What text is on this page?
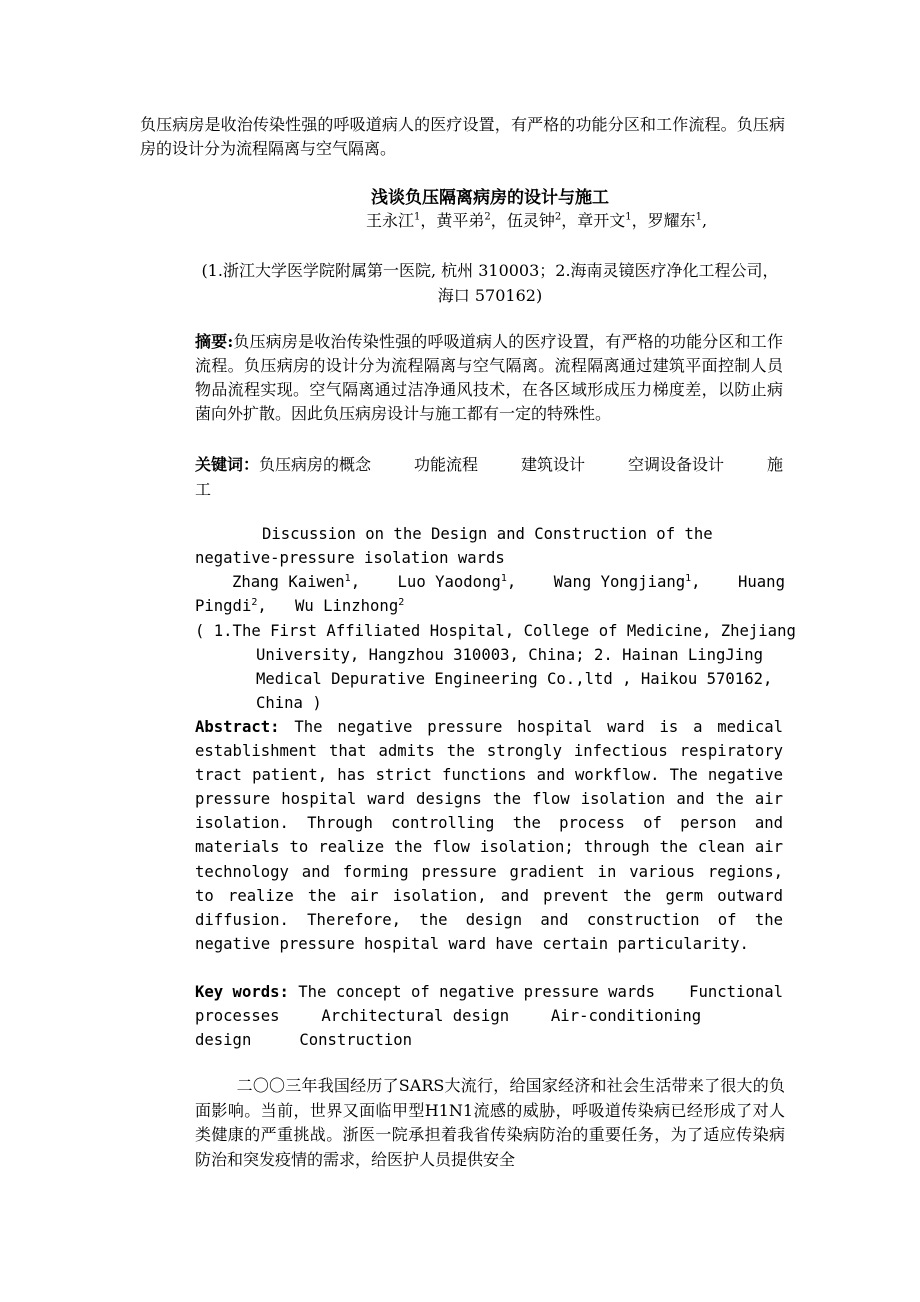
负压病房是收治传染性强的呼吸道病人的医疗设置，有严格的功能分区和工作流程。负压病房的设计分为流程隔离与空气隔离。

浅谈负压隔离病房的设计与施工
王永江$^1$，黄平弟$^2$，伍灵钟$^2$，章开文$^1$，罗耀东$^1$,
(1.浙江大学医学院附属第一医院, 杭州 310003；2.海南灵镜医疗净化工程公司，海口 570162)
摘要:负压病房是收治传染性强的呼吸道病人的医疗设置，有严格的功能分区和工作流程。负压病房的设计分为流程隔离与空气隔离。流程隔离通过建筑平面控制人员物品流程实现。空气隔离通过洁净通风技术，在各区域形成压力梯度差，以防止病菌向外扩散。因此负压病房设计与施工都有一定的特殊性。
关键词：负压病房的概念	功能流程	建筑设计	空调设备设计	施
工
Discussion on the Design and Construction of the
negative-pressure isolation wards
Zhang Kaiwen$^1$, Luo Yaodong$^1$, Wang Yongjiang$^1$, Huang
Pingdi$^2$,   Wu Linzhong$^2$
( 1.The First Affiliated Hospital, College of Medicine, Zhejiang
University, Hangzhou 310003, China; 2. Hainan LingJing
Medical Depurative Engineering Co.,ltd , Haikou 570162,
China )
Abstract: The negative pressure hospital ward is a medical establishment that admits the strongly infectious respiratory tract patient, has strict functions and workflow. The negative pressure hospital ward designs the flow isolation and the air isolation. Through controlling the process of person and materials to realize the flow isolation; through the clean air technology and forming pressure gradient in various regions, to realize the air isolation, and prevent the germ outward diffusion. Therefore, the design and construction of the negative pressure hospital ward have certain particularity.
Key words: The concept of negative pressure wards Functional
processes	Architectural design	Air-conditioning
design	Construction

二〇〇三年我国经历了SARS大流行，给国家经济和社会生活带来了很大的负面影响。当前，世界又面临甲型H1N1流感的威胁，呼吸道传染病已经形成了对人类健康的严重挑战。浙医一院承担着我省传染病防治的重要任务，为了适应传染病防治和突发疫情的需求，给医护人员提供安全
